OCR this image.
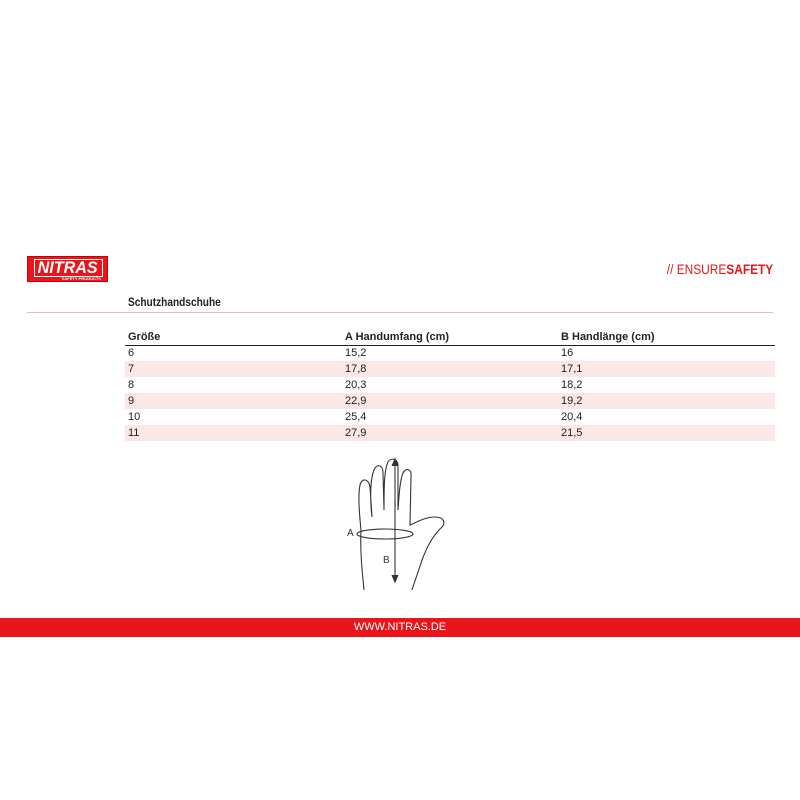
NITRAS
SAFETY PRODUCTS
// ENSURESAFETY
Schutzhandschuhe
Größe	A Handumfang (cm)	B Handlänge (cm)
6	15,2	16
7	17,8	17,1
8	20,3	18,2
9	22,9	19,2
10	25,4	20,4
11	27,9	21,5
A
B
WWW.NITRAS.DE
